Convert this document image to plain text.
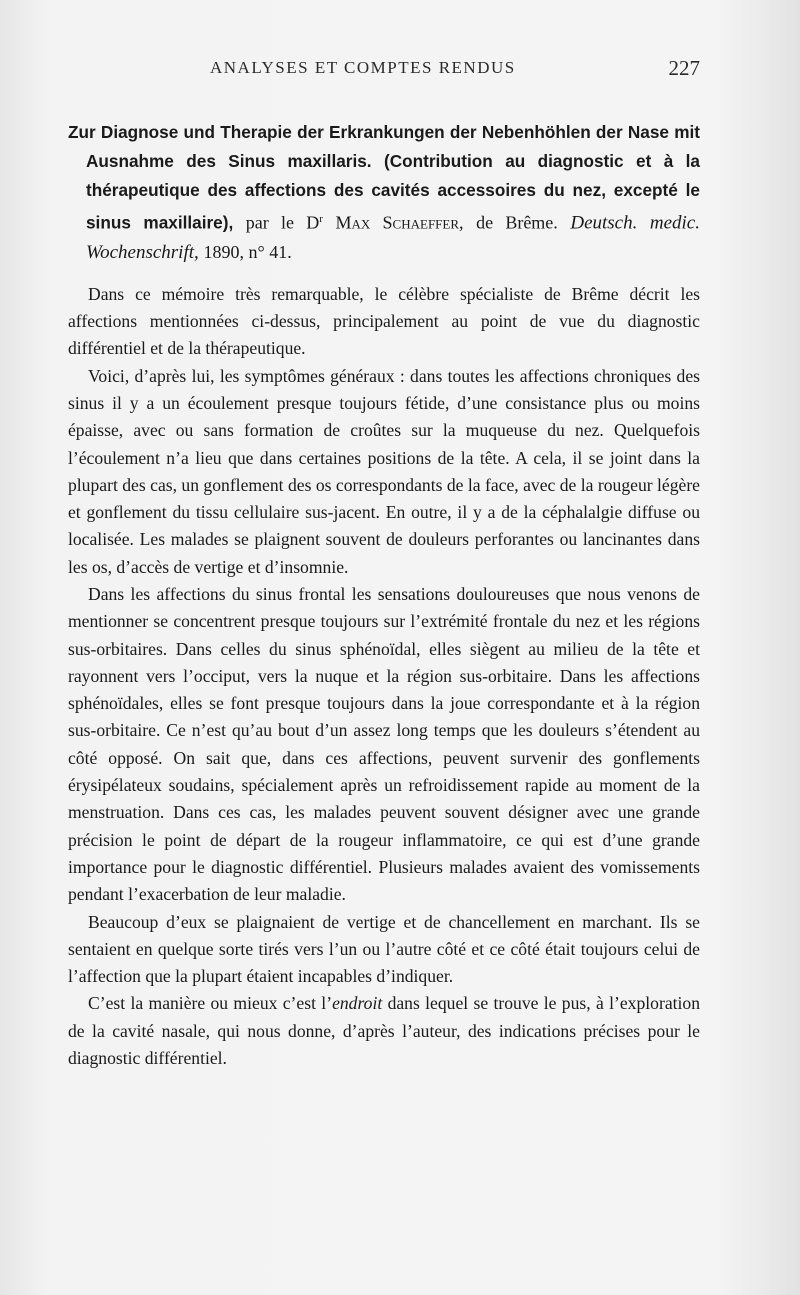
ANALYSES ET COMPTES RENDUS	227

Zur Diagnose und Therapie der Erkrankungen der Nebenhöhlen der Nase mit Ausnahme des Sinus maxillaris. (Contribution au diagnostic et à la thérapeutique des affections des cavités accessoires du nez, excepté le sinus maxillaire), par le $D^r$ Max Schaeffer, de Brême. Deutsch. medic. Wochenschrift, 1890, n° 41.

Dans ce mémoire très remarquable, le célèbre spécialiste de Brême décrit les affections mentionnées ci-dessus, principalement au point de vue du diagnostic différentiel et de la thérapeutique.

Voici, d’après lui, les symptômes généraux : dans toutes les affections chroniques des sinus il y a un écoulement presque toujours fétide, d’une consistance plus ou moins épaisse, avec ou sans formation de croûtes sur la muqueuse du nez. Quelquefois l’écoulement n’a lieu que dans certaines positions de la tête. A cela, il se joint dans la plupart des cas, un gonflement des os correspondants de la face, avec de la rougeur légère et gonflement du tissu cellulaire sus-jacent. En outre, il y a de la céphalalgie diffuse ou localisée. Les malades se plaignent souvent de douleurs perforantes ou lancinantes dans les os, d’accès de vertige et d’insomnie.

Dans les affections du sinus frontal les sensations douloureuses que nous venons de mentionner se concentrent presque toujours sur l’extrémité frontale du nez et les régions sus-orbitaires. Dans celles du sinus sphénoïdal, elles siègent au milieu de la tête et rayonnent vers l’occiput, vers la nuque et la région sus-orbitaire. Dans les affections sphénoïdales, elles se font presque toujours dans la joue correspondante et à la région sus-orbitaire. Ce n’est qu’au bout d’un assez long temps que les douleurs s’étendent au côté opposé. On sait que, dans ces affections, peuvent survenir des gonflements érysipélateux soudains, spécialement après un refroidissement rapide au moment de la menstruation. Dans ces cas, les malades peuvent souvent désigner avec une grande précision le point de départ de la rougeur inflammatoire, ce qui est d’une grande importance pour le diagnostic différentiel. Plusieurs malades avaient des vomissements pendant l’exacerbation de leur maladie.

Beaucoup d’eux se plaignaient de vertige et de chancellement en marchant. Ils se sentaient en quelque sorte tirés vers l’un ou l’autre côté et ce côté était toujours celui de l’affection que la plupart étaient incapables d’indiquer.

C’est la manière ou mieux c’est l’endroit dans lequel se trouve le pus, à l’exploration de la cavité nasale, qui nous donne, d’après l’auteur, des indications précises pour le diagnostic différentiel.
